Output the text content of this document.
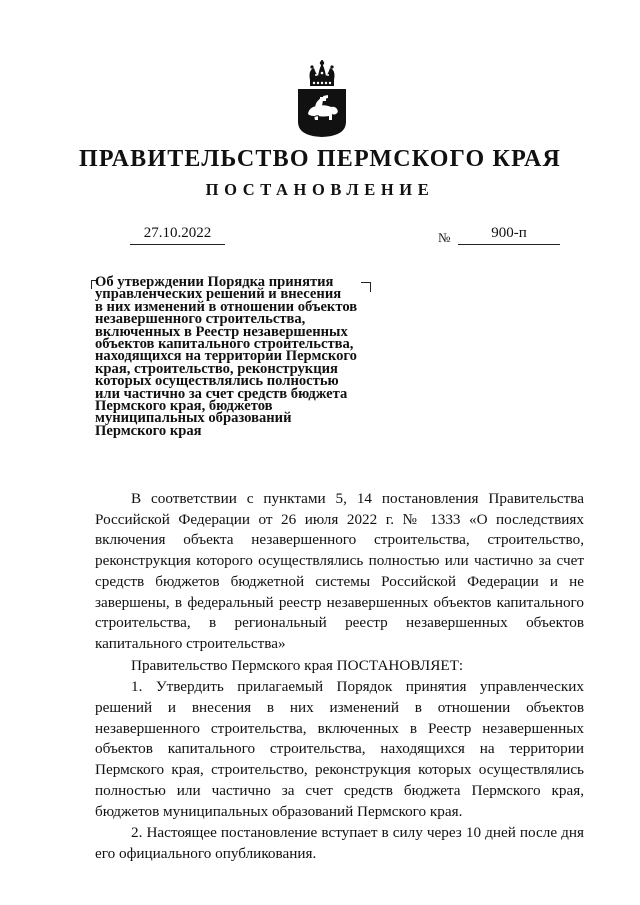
ПРАВИТЕЛЬСТВО ПЕРМСКОГО КРАЯ
ПОСТАНОВЛЕНИЕ
27.10.2022	№	900-п
Об утверждении Порядка принятия
управленческих решений и внесения
в них изменений в отношении объектов
незавершенного строительства,
включенных в Реестр незавершенных
объектов капитального строительства,
находящихся на территории Пермского
края, строительство, реконструкция
которых осуществлялись полностью
или частично за счет средств бюджета
Пермского края, бюджетов
муниципальных образований
Пермского края

В соответствии с пунктами 5, 14 постановления Правительства Российской Федерации от 26 июля 2022 г. № 1333 «О последствиях включения объекта незавершенного строительства, строительство, реконструкция которого осуществлялись полностью или частично за счет средств бюджетов бюджетной системы Российской Федерации и не завершены, в федеральный реестр незавершенных объектов капитального строительства, в региональный реестр незавершенных объектов капитального строительства»

Правительство Пермского края ПОСТАНОВЛЯЕТ:

1. Утвердить прилагаемый Порядок принятия управленческих решений и внесения в них изменений в отношении объектов незавершенного строительства, включенных в Реестр незавершенных объектов капитального строительства, находящихся на территории Пермского края, строительство, реконструкция которых осуществлялись полностью или частично за счет средств бюджета Пермского края, бюджетов муниципальных образований Пермского края.

2. Настоящее постановление вступает в силу через 10 дней после дня его официального опубликования.
